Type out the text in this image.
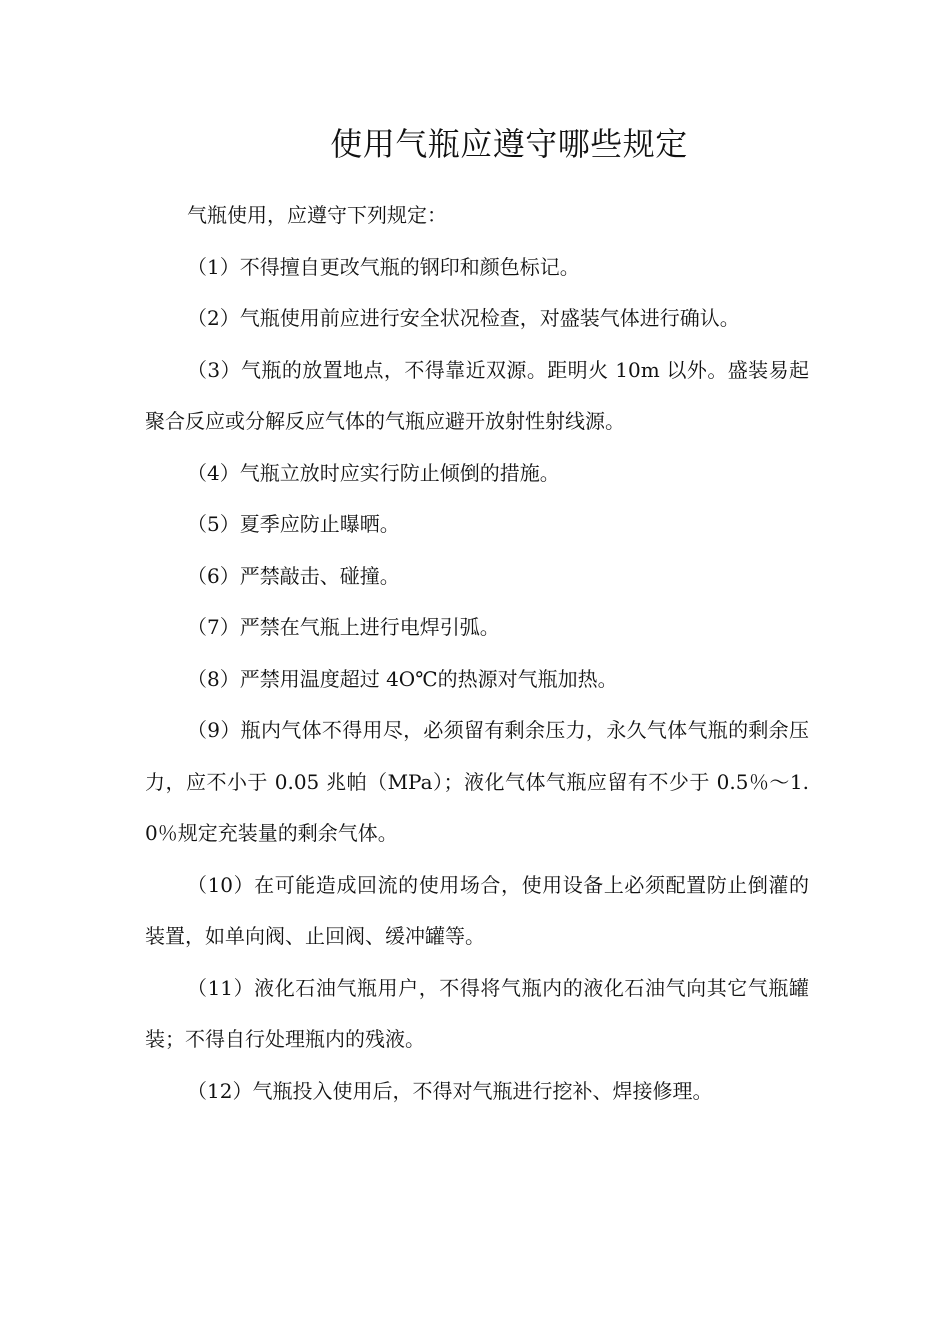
使用气瓶应遵守哪些规定

气瓶使用，应遵守下列规定：

（1）不得擅自更改气瓶的钢印和颜色标记。

（2）气瓶使用前应进行安全状况检查，对盛装气体进行确认。

（3）气瓶的放置地点，不得靠近双源。距明火 10m 以外。盛装易起聚合反应或分解反应气体的气瓶应避开放射性射线源。

（4）气瓶立放时应实行防止倾倒的措施。

（5）夏季应防止曝晒。

（6）严禁敲击、碰撞。

（7）严禁在气瓶上进行电焊引弧。

（8）严禁用温度超过 4O℃的热源对气瓶加热。

（9）瓶内气体不得用尽，必须留有剩余压力，永久气体气瓶的剩余压力，应不小于 0.05 兆帕（MPa）；液化气体气瓶应留有不少于 0.5％～1.0％规定充装量的剩余气体。

（10）在可能造成回流的使用场合，使用设备上必须配置防止倒灌的装置，如单向阀、止回阀、缓冲罐等。

（11）液化石油气瓶用户，不得将气瓶内的液化石油气向其它气瓶罐装；不得自行处理瓶内的残液。

（12）气瓶投入使用后，不得对气瓶进行挖补、焊接修理。
